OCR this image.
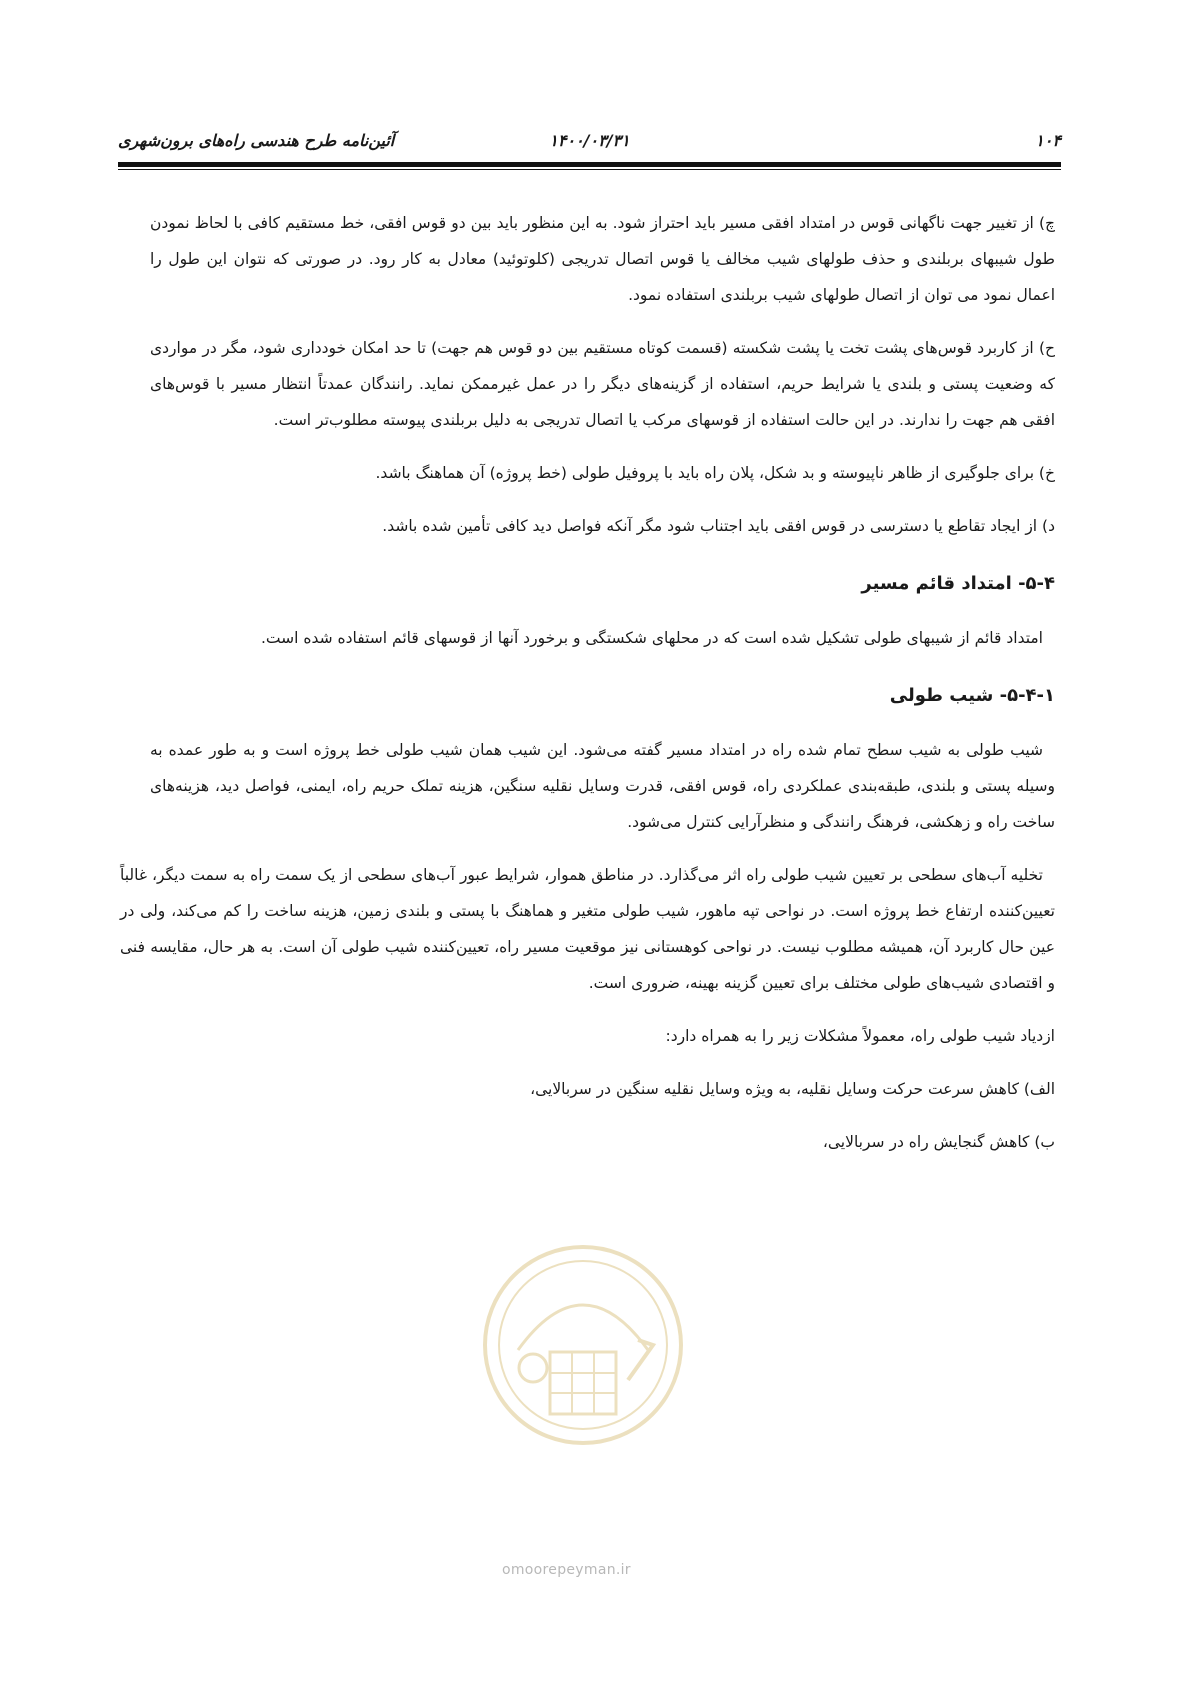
۱۰۴
۱۴۰۰/۰۳/۳۱
آئین‌نامه طرح هندسی راه‌های برون‌شهری

چ) از تغییر جهت ناگهانی قوس در امتداد افقی مسیر باید احتراز شود. به این منظور باید بین دو قوس افقی، خط مستقیم کافی با لحاظ نمودن طول شیبهای بربلندی و حذف طولهای شیب مخالف یا قوس اتصال تدریجی (کلوتوئید) معادل به کار رود. در صورتی که نتوان این طول را اعمال نمود می توان از اتصال طولهای شیب بربلندی استفاده نمود.

ح) از کاربرد قوس‌های پشت تخت یا پشت شکسته (قسمت کوتاه مستقیم بین دو قوس هم جهت) تا حد امکان خودداری شود، مگر در مواردی که وضعیت پستی و بلندی یا شرایط حریم، استفاده از گزینه‌های دیگر را در عمل غیرممکن نماید. رانندگان عمدتاً انتظار مسیر با قوس‌های افقی هم جهت را ندارند. در این حالت استفاده از قوسهای مرکب یا اتصال تدریجی به دلیل بربلندی پیوسته مطلوب‌تر است.

خ) برای جلوگیری از ظاهر ناپیوسته و بد شکل، پلان راه باید با پروفیل طولی (خط پروژه) آن هماهنگ باشد.

د) از ایجاد تقاطع یا دسترسی در قوس افقی باید اجتناب شود مگر آنکه فواصل دید کافی تأمین شده باشد.

۵-۴- امتداد قائم مسیر

امتداد قائم از شیبهای طولی تشکیل شده است که در محلهای شکستگی و برخورد آنها از قوسهای قائم استفاده شده است.

۵-۴-۱- شیب طولی

شیب طولی به شیب سطح تمام شده راه در امتداد مسیر گفته می‌شود. این شیب همان شیب طولی خط پروژه است و به طور عمده به وسیله پستی و بلندی، طبقه‌بندی عملکردی راه، قوس افقی، قدرت وسایل نقلیه سنگین، هزینه تملک حریم راه، ایمنی، فواصل دید، هزینه‌های ساخت راه و زهکشی، فرهنگ رانندگی و منظرآرایی کنترل می‌شود.

تخلیه آب‌های سطحی بر تعیین شیب طولی راه اثر می‌گذارد. در مناطق هموار، شرایط عبور آب‌های سطحی از یک سمت راه به سمت دیگر، غالباً تعیین‌کننده ارتفاع خط پروژه است. در نواحی تپه ماهور، شیب طولی متغیر و هماهنگ با پستی و بلندی زمین، هزینه ساخت را کم می‌کند، ولی در عین حال کاربرد آن، همیشه مطلوب نیست. در نواحی کوهستانی نیز موقعیت مسیر راه، تعیین‌کننده شیب طولی آن است. به هر حال، مقایسه فنی و اقتصادی شیب‌های طولی مختلف برای تعیین گزینه بهینه، ضروری است.

ازدیاد شیب طولی راه، معمولاً مشکلات زیر را به همراه دارد:

الف) کاهش سرعت حرکت وسایل نقلیه، به ویژه وسایل نقلیه سنگین در سربالایی،

ب) کاهش گنجایش راه در سربالایی،

omoorepeyman.ir
